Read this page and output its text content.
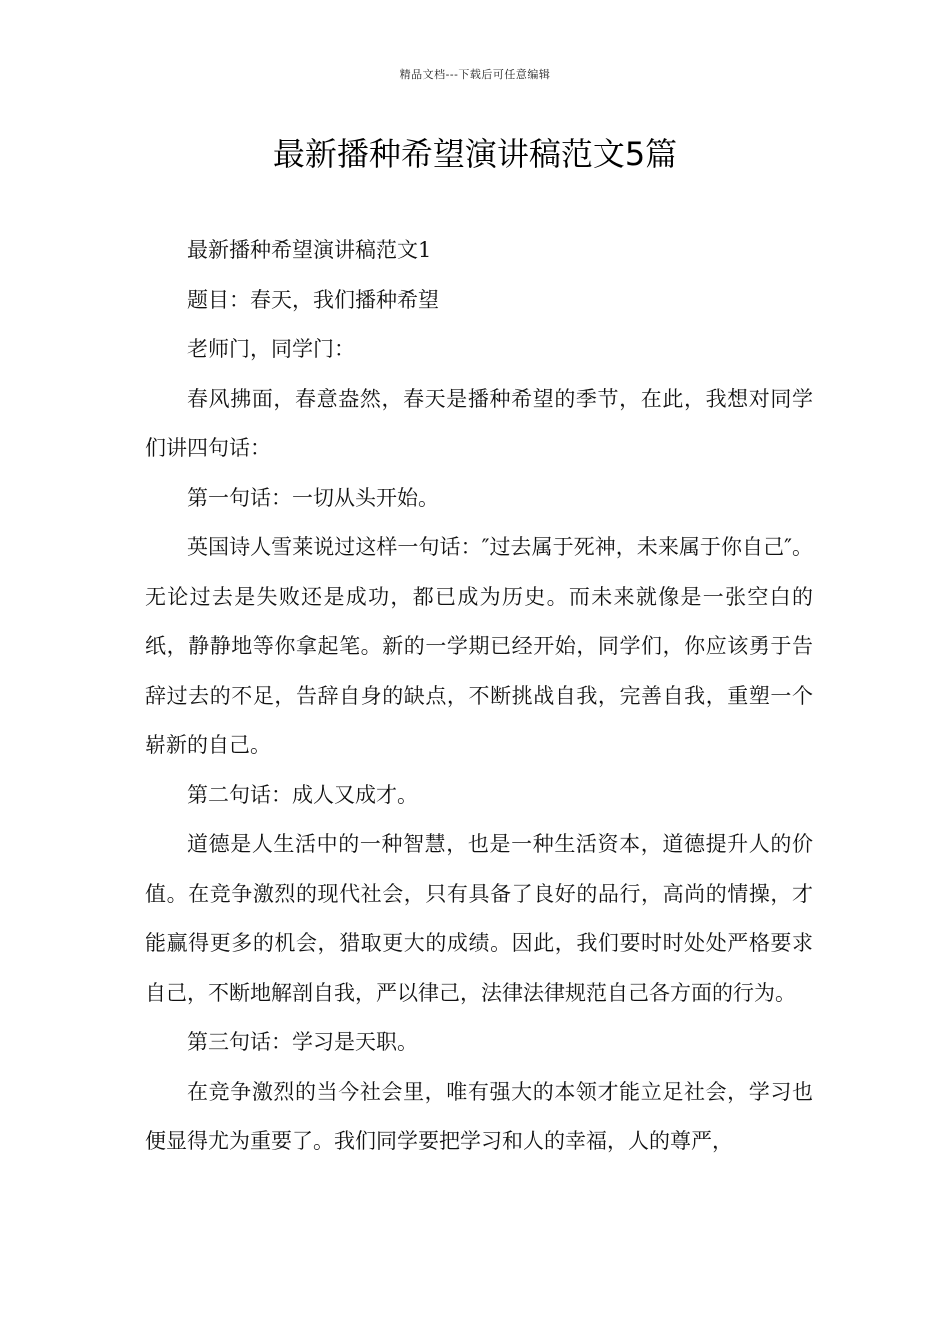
精品文档---下载后可任意编辑
最新播种希望演讲稿范文5篇

最新播种希望演讲稿范文1

题目：春天，我们播种希望

老师门，同学门：

春风拂面，春意盎然，春天是播种希望的季节，在此，我想对同学们讲四句话：

第一句话：一切从头开始。

英国诗人雪莱说过这样一句话：″过去属于死神，未来属于你自己″。无论过去是失败还是成功，都已成为历史。而未来就像是一张空白的纸，静静地等你拿起笔。新的一学期已经开始，同学们，你应该勇于告辞过去的不足，告辞自身的缺点，不断挑战自我，完善自我，重塑一个崭新的自己。

第二句话：成人又成才。

道德是人生活中的一种智慧，也是一种生活资本，道德提升人的价值。在竞争激烈的现代社会，只有具备了良好的品行，高尚的情操，才能赢得更多的机会，猎取更大的成绩。因此，我们要时时处处严格要求自己，不断地解剖自我，严以律己，法律法律规范自己各方面的行为。

第三句话：学习是天职。

在竞争激烈的当今社会里，唯有强大的本领才能立足社会，学习也便显得尤为重要了。我们同学要把学习和人的幸福，人的尊严，
